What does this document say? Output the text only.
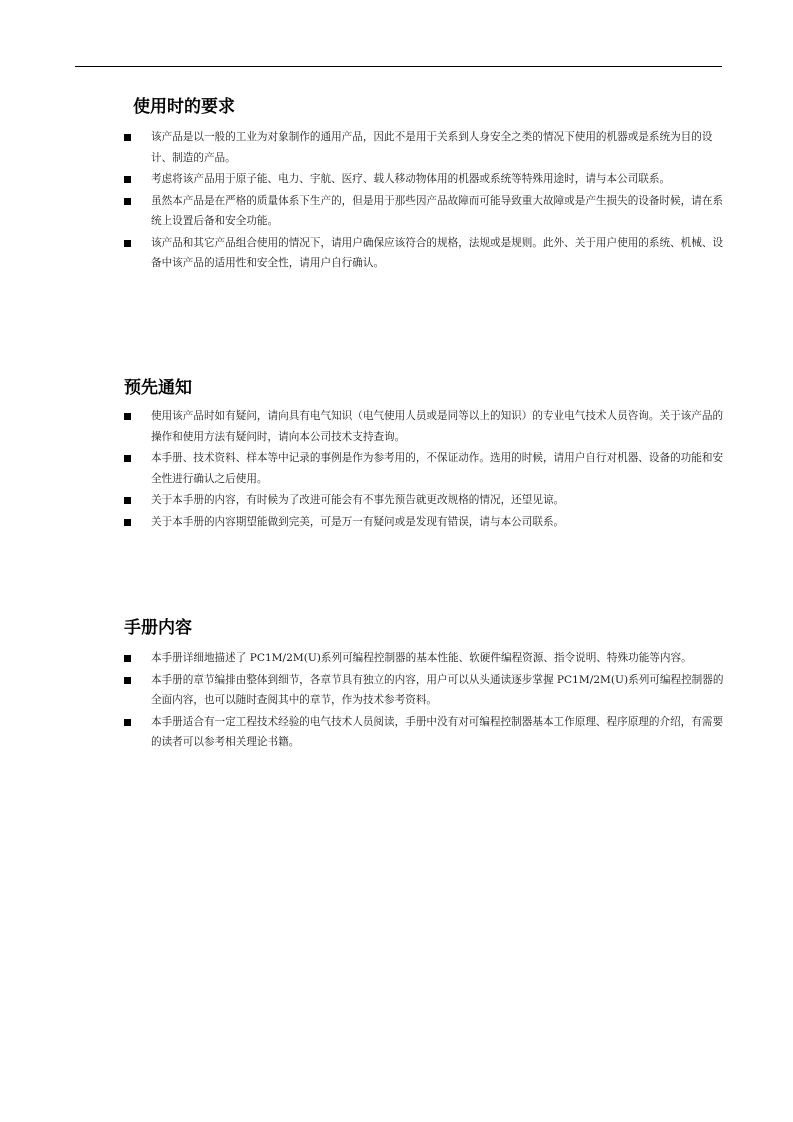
使用时的要求
该产品是以一般的工业为对象制作的通用产品，因此不是用于关系到人身安全之类的情况下使用的机器或是系统为目的设计、制造的产品。
考虑将该产品用于原子能、电力、宇航、医疗、载人移动物体用的机器或系统等特殊用途时，请与本公司联系。
虽然本产品是在严格的质量体系下生产的，但是用于那些因产品故障而可能导致重大故障或是产生损失的设备时候，请在系统上设置后备和安全功能。
该产品和其它产品组合使用的情况下，请用户确保应该符合的规格，法规或是规则。此外、关于用户使用的系统、机械、设备中该产品的适用性和安全性，请用户自行确认。
预先通知
使用该产品时如有疑问，请向具有电气知识（电气使用人员或是同等以上的知识）的专业电气技术人员咨询。关于该产品的操作和使用方法有疑问时，请向本公司技术支持查询。
本手册、技术资料、样本等中记录的事例是作为参考用的，不保证动作。选用的时候，请用户自行对机器、设备的功能和安全性进行确认之后使用。
关于本手册的内容，有时候为了改进可能会有不事先预告就更改规格的情况，还望见谅。
关于本手册的内容期望能做到完美，可是万一有疑问或是发现有错误，请与本公司联系。
手册内容
本手册详细地描述了 PC1M/2M(U)系列可编程控制器的基本性能、软硬件编程资源、指令说明、特殊功能等内容。
本手册的章节编排由整体到细节，各章节具有独立的内容，用户可以从头通读逐步掌握 PC1M/2M(U)系列可编程控制器的全面内容，也可以随时查阅其中的章节，作为技术参考资料。
本手册适合有一定工程技术经验的电气技术人员阅读，手册中没有对可编程控制器基本工作原理、程序原理的介绍，有需要的读者可以参考相关理论书籍。
